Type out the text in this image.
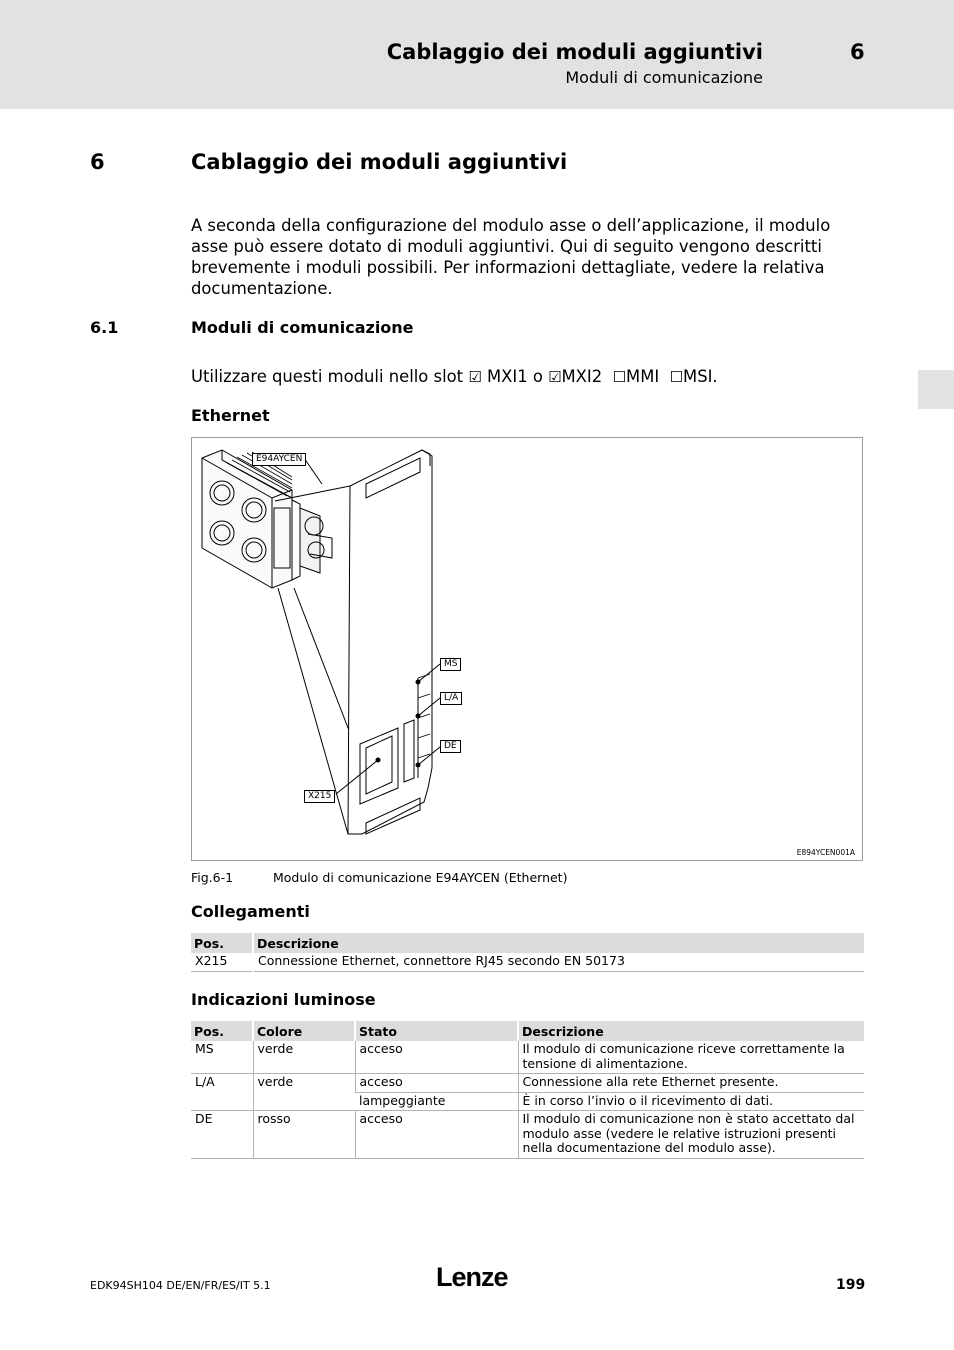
Cablaggio dei moduli aggiuntivi	6
Moduli di comunicazione
6	Cablaggio dei moduli aggiuntivi

A seconda della configurazione del modulo asse o dell’applicazione, il modulo asse può essere dotato di moduli aggiuntivi. Qui di seguito vengono descritti brevemente i moduli possibili. Per informazioni dettagliate, vedere la relativa documentazione.

6.1	Moduli di comunicazione
Utilizzare questi moduli nello slot ☑ MXI1 o ☑MXI2 ☐MMI ☐MSI.
Ethernet
E94AYCEN
MS
L/A
DE
X215
E894YCEN001A
Fig.6-1	Modulo di comunicazione E94AYCEN (Ethernet)
Collegamenti
Pos.	Descrizione
X215	Connessione Ethernet, connettore RJ45 secondo EN 50173
Indicazioni luminose
Pos.	Colore	Stato	Descrizione
MS	verde	acceso	Il modulo di comunicazione riceve correttamente la tensione di alimentazione.
L/A	verde	acceso	Connessione alla rete Ethernet presente.
		lampeggiante	È in corso l’invio o il ricevimento di dati.
DE	rosso	acceso	Il modulo di comunicazione non è stato accettato dal modulo asse (vedere le relative istruzioni presenti nella documentazione del modulo asse).
EDK94SH104 DE/EN/FR/ES/IT 5.1	Lenze	199
